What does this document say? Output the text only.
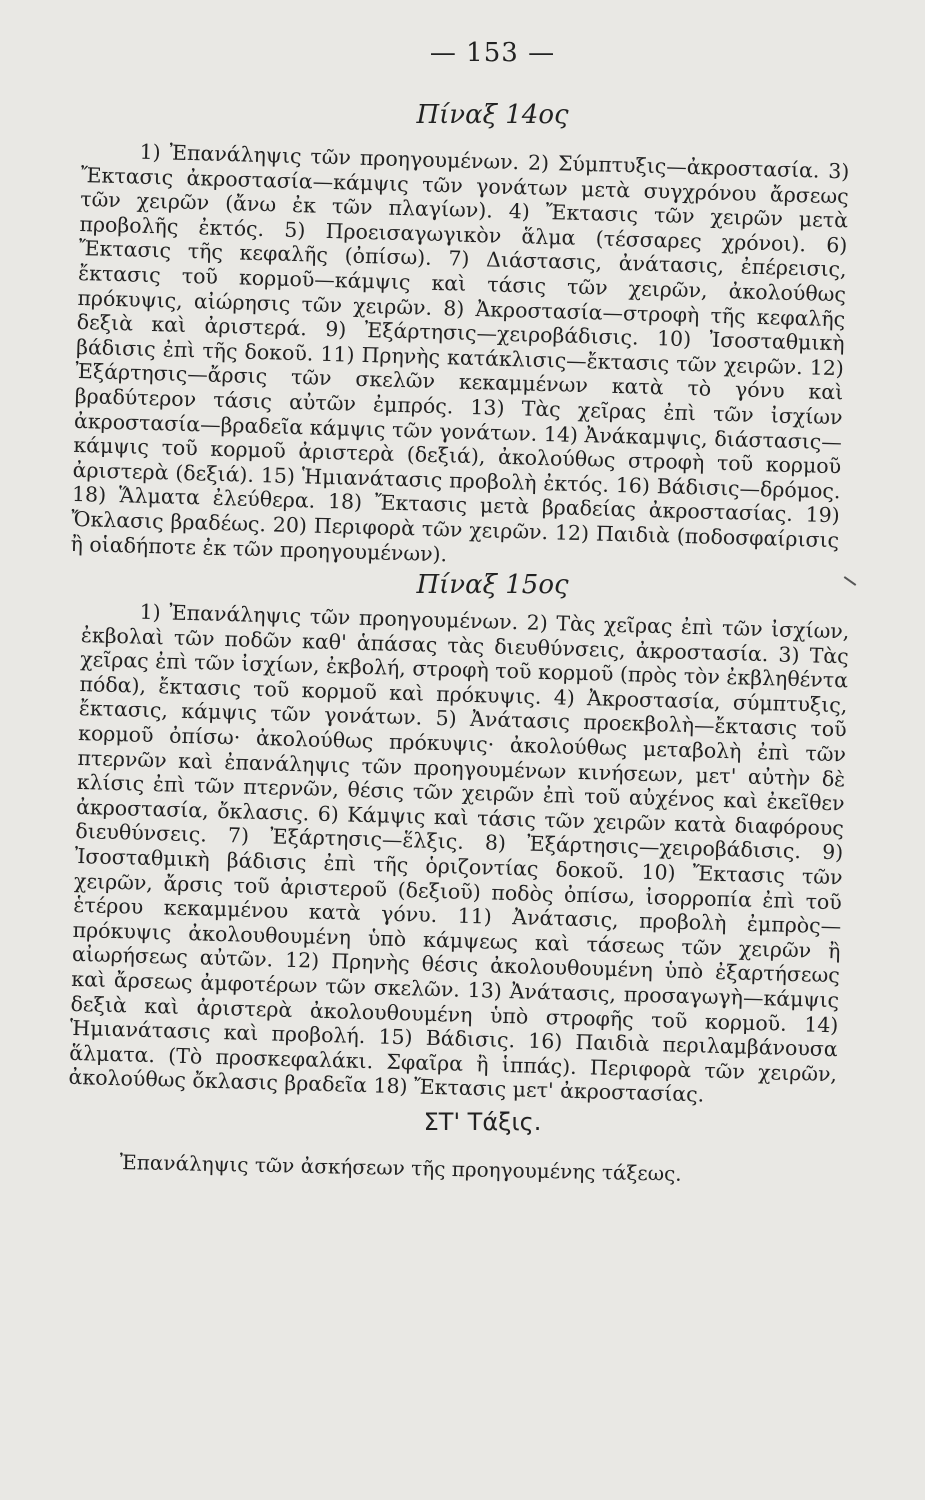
— 153 —
Πίναξ 14ος
1) Ἐπανάληψις τῶν προηγουμένων. 2) Σύμπτυξις—ἀκροστασία. 3) Ἔκτασις ἀκροστασία—κάμψις τῶν γονάτων μετὰ συγχρόνου ἄρσεως τῶν χειρῶν (ἄνω ἐκ τῶν πλαγίων). 4) Ἔκτασις τῶν χειρῶν μετὰ προβολῆς ἐκτός. 5) Προεισαγωγικὸν ἅλμα (τέσσαρες χρόνοι). 6) Ἔκτασις τῆς κεφαλῆς (ὀπίσω). 7) Διάστασις, ἀνάτασις, ἐπέρεισις, ἔκτασις τοῦ κορμοῦ—κάμψις καὶ τάσις τῶν χειρῶν, ἀκολούθως πρόκυψις, αἰώρησις τῶν χειρῶν. 8) Ἀκροστασία—στροφὴ τῆς κεφαλῆς δεξιὰ καὶ ἀριστερά. 9) Ἐξάρτησις—χειροβάδισις. 10) Ἰσοσταθμικὴ βάδισις ἐπὶ τῆς δοκοῦ. 11) Πρηνὴς κατάκλισις—ἔκτασις τῶν χειρῶν. 12) Ἐξάρτησις—ἄρσις τῶν σκελῶν κεκαμμένων κατὰ τὸ γόνυ καὶ βραδύτερον τάσις αὐτῶν ἐμπρός. 13) Τὰς χεῖρας ἐπὶ τῶν ἰσχίων ἀκροστασία—βραδεῖα κάμψις τῶν γονάτων. 14) Ἀνάκαμψις, διάστασις—κάμψις τοῦ κορμοῦ ἀριστερὰ (δεξιά), ἀκολούθως στροφὴ τοῦ κορμοῦ ἀριστερὰ (δεξιά). 15) Ἡμιανάτασις προβολὴ ἐκτός. 16) Βάδισις—δρόμος. 18) Ἅλματα ἐλεύθερα. 18) Ἔκτασις μετὰ βραδείας ἀκροστασίας. 19) Ὄκλασις βραδέως. 20) Περιφορὰ τῶν χειρῶν. 12) Παιδιὰ (ποδοσφαίρισις ἢ οἱαδήποτε ἐκ τῶν προηγουμένων).
Πίναξ 15ος
1) Ἐπανάληψις τῶν προηγουμένων. 2) Τὰς χεῖρας ἐπὶ τῶν ἰσχίων, ἐκβολαὶ τῶν ποδῶν καθ' ἁπάσας τὰς διευθύνσεις, ἀκροστασία. 3) Τὰς χεῖρας ἐπὶ τῶν ἰσχίων, ἐκβολή, στροφὴ τοῦ κορμοῦ (πρὸς τὸν ἐκβληθέντα πόδα), ἔκτασις τοῦ κορμοῦ καὶ πρόκυψις. 4) Ἀκροστασία, σύμπτυξις, ἔκτασις, κάμψις τῶν γονάτων. 5) Ἀνάτασις προεκβολὴ—ἔκτασις τοῦ κορμοῦ ὀπίσω· ἀκολούθως πρόκυψις· ἀκολούθως μεταβολὴ ἐπὶ τῶν πτερνῶν καὶ ἐπανάληψις τῶν προηγουμένων κινήσεων, μετ' αὐτὴν δὲ κλίσις ἐπὶ τῶν πτερνῶν, θέσις τῶν χειρῶν ἐπὶ τοῦ αὐχένος καὶ ἐκεῖθεν ἀκροστασία, ὄκλασις. 6) Κάμψις καὶ τάσις τῶν χειρῶν κατὰ διαφόρους διευθύνσεις. 7) Ἐξάρτησις—ἕλξις. 8) Ἐξάρτησις—χειροβάδισις. 9) Ἰσοσταθμικὴ βάδισις ἐπὶ τῆς ὁριζοντίας δοκοῦ. 10) Ἔκτασις τῶν χειρῶν, ἄρσις τοῦ ἀριστεροῦ (δεξιοῦ) ποδὸς ὀπίσω, ἰσορροπία ἐπὶ τοῦ ἑτέρου κεκαμμένου κατὰ γόνυ. 11) Ἀνάτασις, προβολὴ ἐμπρὸς—πρόκυψις ἀκολουθουμένη ὑπὸ κάμψεως καὶ τάσεως τῶν χειρῶν ἢ αἰωρήσεως αὐτῶν. 12) Πρηνὴς θέσις ἀκολουθουμένη ὑπὸ ἐξαρτήσεως καὶ ἄρσεως ἀμφοτέρων τῶν σκελῶν. 13) Ἀνάτασις, προσαγωγὴ—κάμψις δεξιὰ καὶ ἀριστερὰ ἀκολουθουμένη ὑπὸ στροφῆς τοῦ κορμοῦ. 14) Ἡμιανάτασις καὶ προβολή. 15) Βάδισις. 16) Παιδιὰ περιλαμβάνουσα ἅλματα. (Τὸ προσκεφαλάκι. Σφαῖρα ἢ ἱππάς). Περιφορὰ τῶν χειρῶν, ἀκολούθως ὄκλασις βραδεῖα 18) Ἔκτασις μετ' ἀκροστασίας.
ΣΤ' Τάξις.
Ἐπανάληψις τῶν ἀσκήσεων τῆς προηγουμένης τάξεως.
